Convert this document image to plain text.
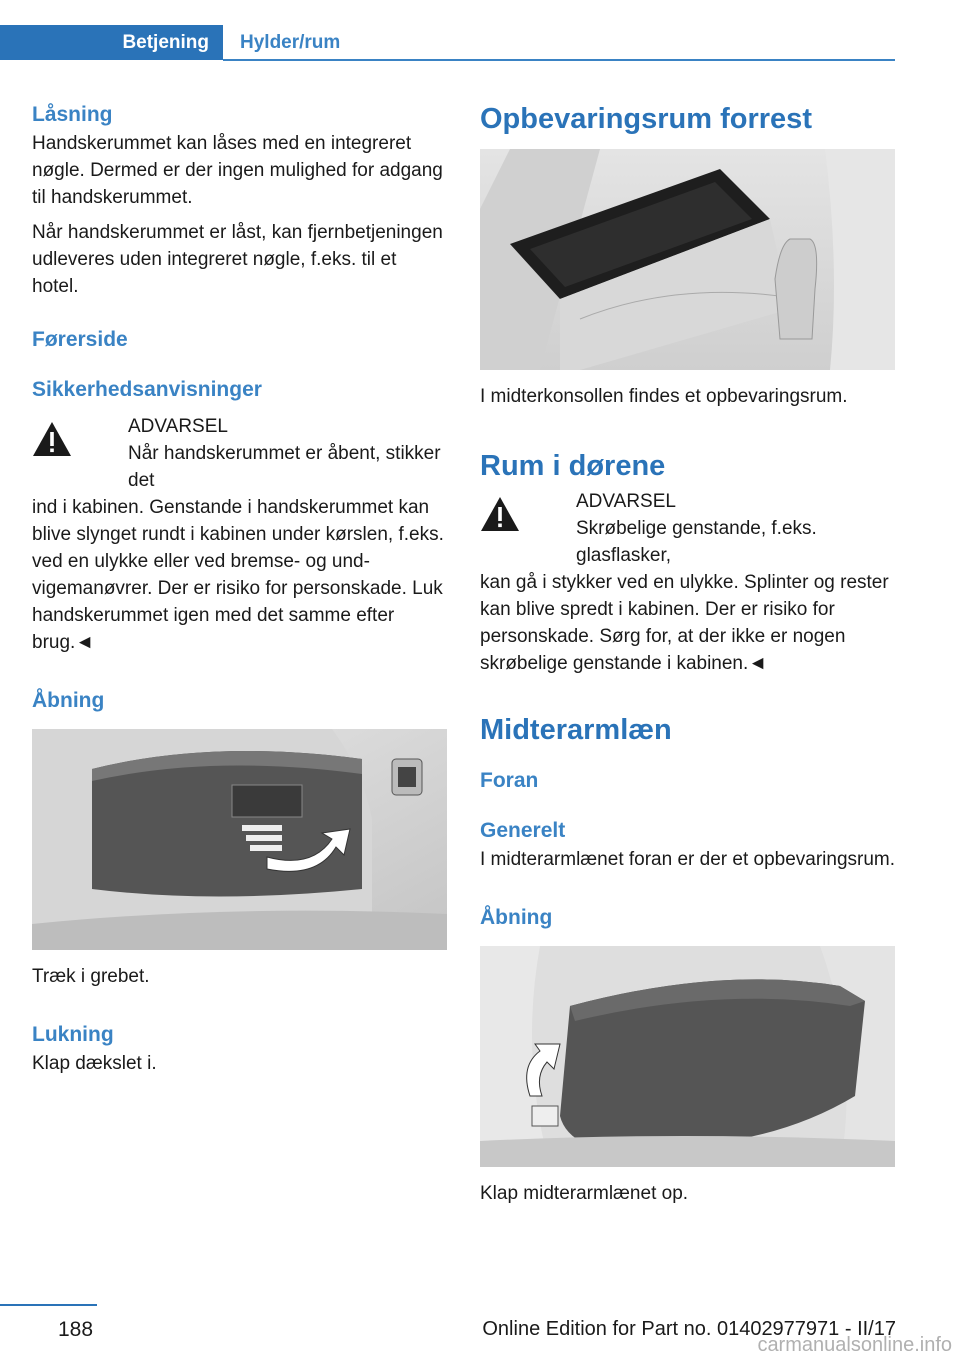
Betjening	Hylder/rum
Låsning

Handskerummet kan låses med en integreret nøgle. Dermed er der ingen mulighed for adgang til handskerummet.

Når handskerummet er låst, kan fjernbetjeningen udleveres uden integreret nøgle, f.eks. til et hotel.

Førerside
Sikkerhedsanvisninger
ADVARSEL

Når handskerummet er åbent, stikker det

ind i kabinen. Genstande i handskerummet kan blive slynget rundt i kabinen under kørslen, f.eks. ved en ulykke eller ved bremse- og undvigemanøvrer. Der er risiko for personskade. Luk handskerummet igen med det samme efter brug.◄

Åbning

Træk i grebet.

Lukning

Klap dækslet i.

Opbevaringsrum forrest

I midterkonsollen findes et opbevaringsrum.

Rum i dørene
ADVARSEL

Skrøbelige genstande, f.eks. glasflasker,

kan gå i stykker ved en ulykke. Splinter og rester kan blive spredt i kabinen. Der er risiko for personskade. Sørg for, at der ikke er nogen skrøbelige genstande i kabinen.◄

Midterarmlæn
Foran
Generelt

I midterarmlænet foran er der et opbevaringsrum.

Åbning

Klap midterarmlænet op.

188	Online Edition for Part no. 01402977971 - II/17
carmanualsonline.info
